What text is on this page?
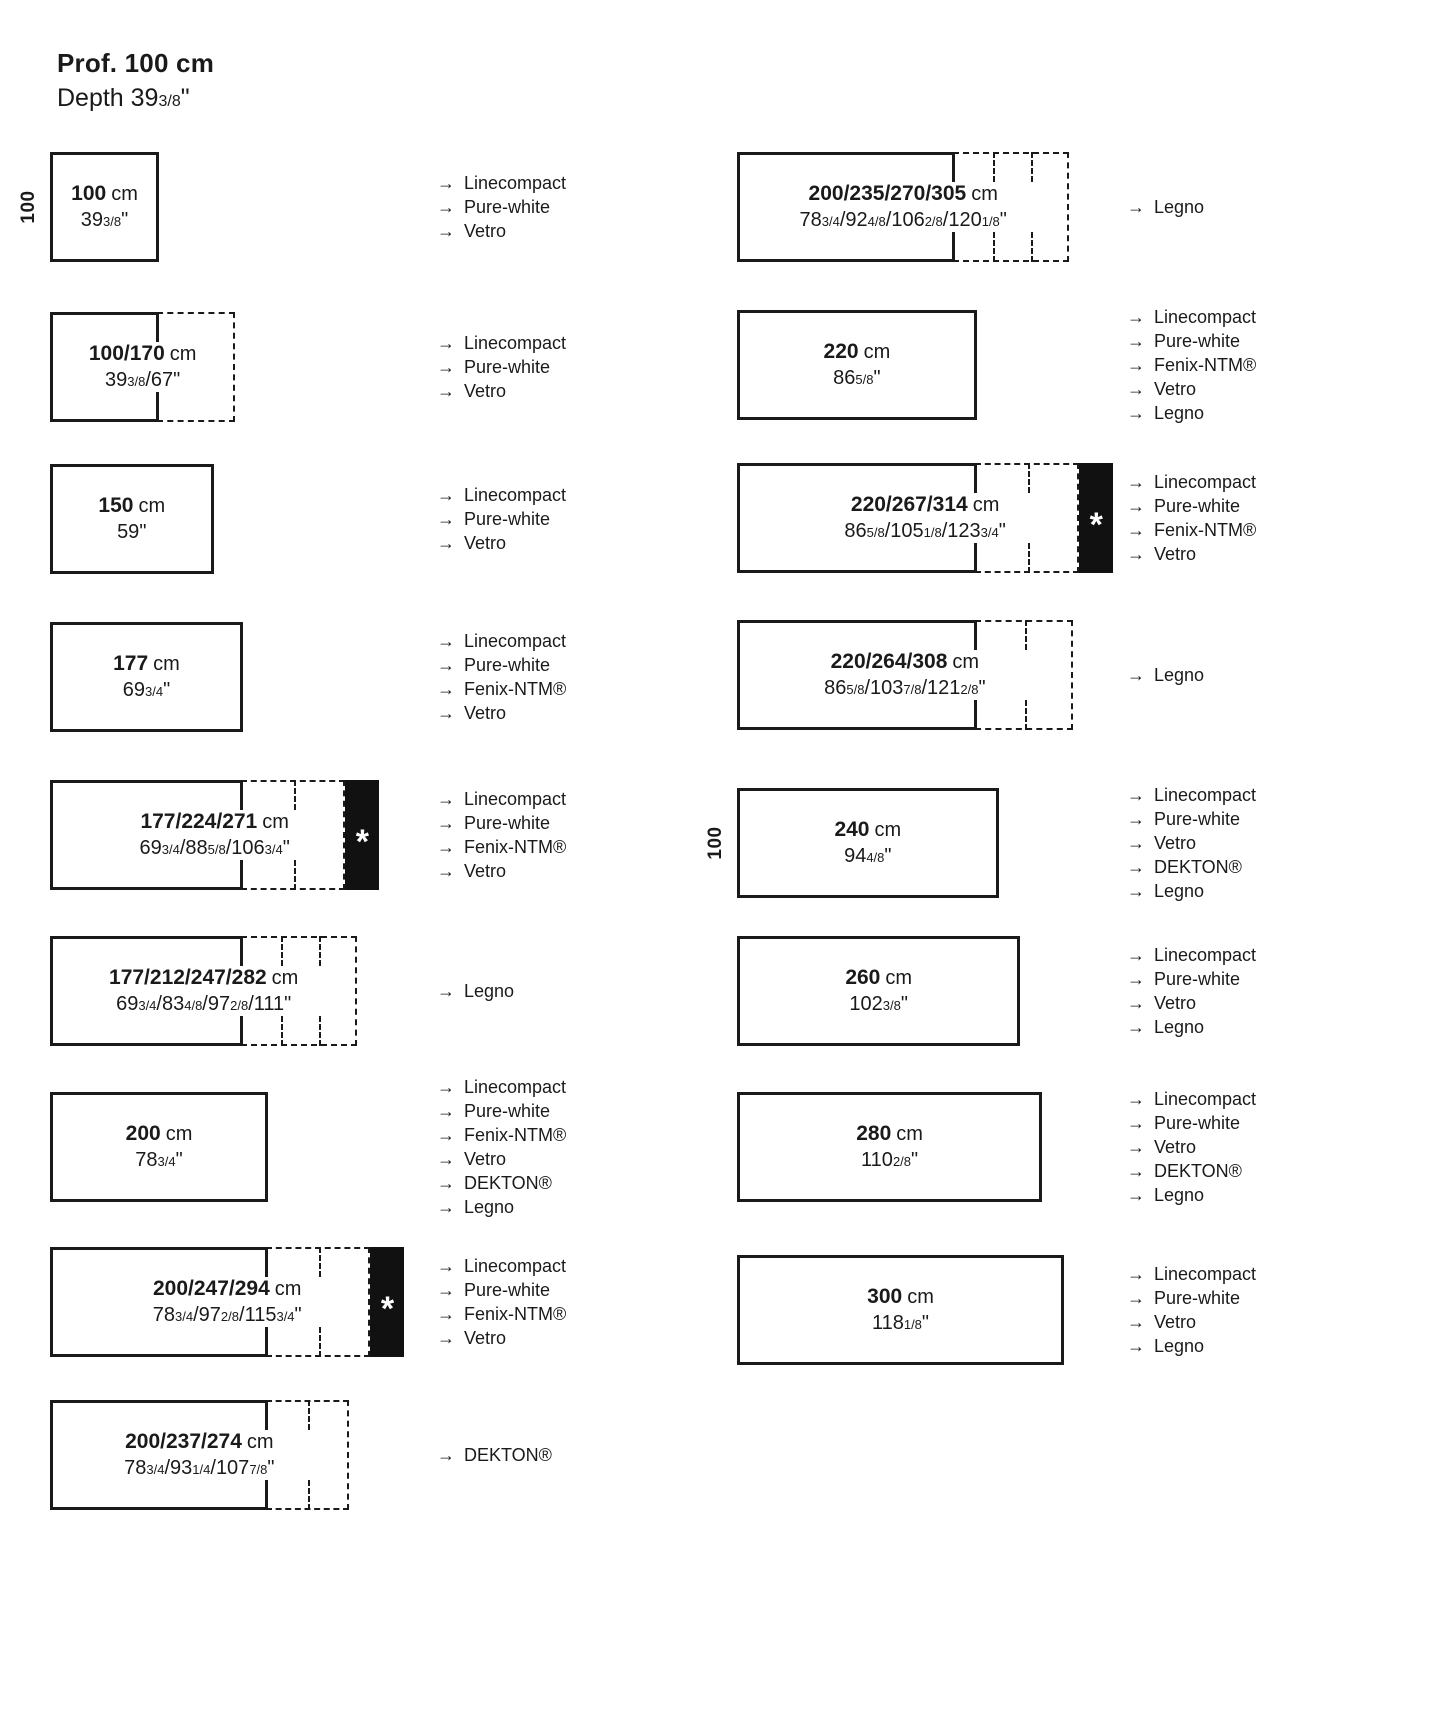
Prof. 100 cm
Depth 393/8"
100 cm
393/8"
100
→ Linecompact
→ Pure-white
→ Vetro
100/170 cm
393/8/67"
→ Linecompact
→ Pure-white
→ Vetro
150 cm
59"
→ Linecompact
→ Pure-white
→ Vetro
177 cm
693/4"
→ Linecompact
→ Pure-white
→ Fenix-NTM®
→ Vetro
*
177/224/271 cm
693/4/885/8/1063/4"
→ Linecompact
→ Pure-white
→ Fenix-NTM®
→ Vetro
177/212/247/282 cm
693/4/834/8/972/8/111"
→ Legno
200 cm
783/4"
→ Linecompact
→ Pure-white
→ Fenix-NTM®
→ Vetro
→ DEKTON®
→ Legno
*
200/247/294 cm
783/4/972/8/1153/4"
→ Linecompact
→ Pure-white
→ Fenix-NTM®
→ Vetro
200/237/274 cm
783/4/931/4/1077/8"
→ DEKTON®
200/235/270/305 cm
783/4/924/8/1062/8/1201/8"
→ Legno
220 cm
865/8"
→ Linecompact
→ Pure-white
→ Fenix-NTM®
→ Vetro
→ Legno
*
220/267/314 cm
865/8/1051/8/1233/4"
→ Linecompact
→ Pure-white
→ Fenix-NTM®
→ Vetro
220/264/308 cm
865/8/1037/8/1212/8"
→ Legno
240 cm
944/8"
100
→ Linecompact
→ Pure-white
→ Vetro
→ DEKTON®
→ Legno
260 cm
1023/8"
→ Linecompact
→ Pure-white
→ Vetro
→ Legno
280 cm
1102/8"
→ Linecompact
→ Pure-white
→ Vetro
→ DEKTON®
→ Legno
300 cm
1181/8"
→ Linecompact
→ Pure-white
→ Vetro
→ Legno
